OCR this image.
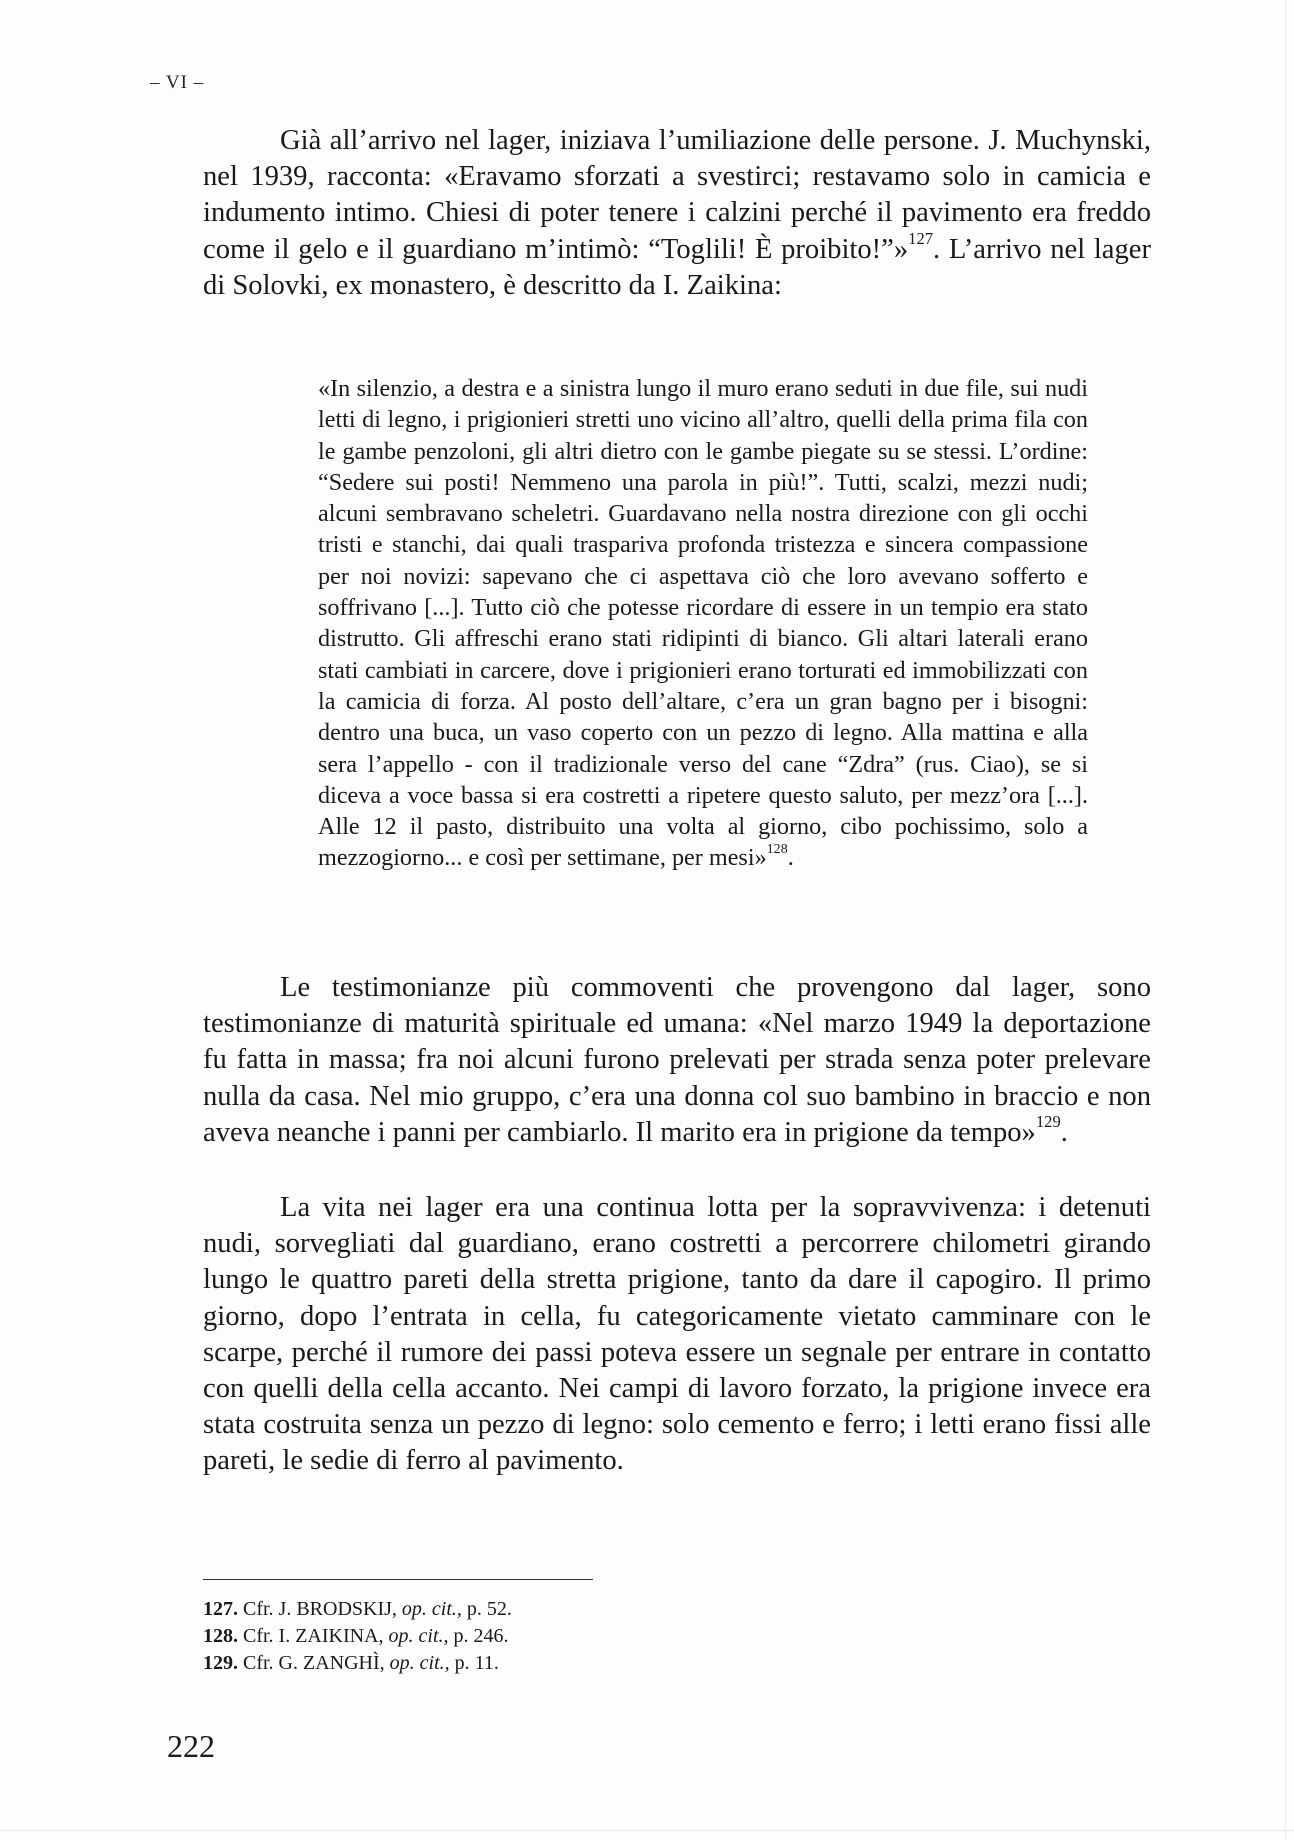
– VI –

Già all’arrivo nel lager, iniziava l’umiliazione delle persone. J. Muchynski, nel 1939, racconta: «Eravamo sforzati a svestirci; restavamo solo in camicia e indumento intimo. Chiesi di poter tenere i calzini perché il pavimento era freddo come il gelo e il guardiano m’intimò: “Toglili! È proibito!”»$^{127}$. L’arrivo nel lager di Solovki, ex monastero, è descritto da I. Zaikina:

«In silenzio, a destra e a sinistra lungo il muro erano seduti in due file, sui nudi letti di legno, i prigionieri stretti uno vicino all’altro, quelli della prima fila con le gambe penzoloni, gli altri dietro con le gambe piegate su se stessi. L’ordine: “Sedere sui posti! Nemmeno una parola in più!”. Tutti, scalzi, mezzi nudi; alcuni sembravano scheletri. Guardavano nella nostra direzione con gli occhi tristi e stanchi, dai quali traspariva profonda tristezza e sincera compassione per noi novizi: sapevano che ci aspettava ciò che loro avevano sofferto e soffrivano [...]. Tutto ciò che potesse ricordare di essere in un tempio era stato distrutto. Gli affreschi erano stati ridipinti di bianco. Gli altari laterali erano stati cambiati in carcere, dove i prigionieri erano torturati ed immobilizzati con la camicia di forza. Al posto dell’altare, c’era un gran bagno per i bisogni: dentro una buca, un vaso coperto con un pezzo di legno. Alla mattina e alla sera l’appello - con il tradizionale verso del cane “Zdra” (rus. Ciao), se si diceva a voce bassa si era costretti a ripetere questo saluto, per mezz’ora [...]. Alle 12 il pasto, distribuito una volta al giorno, cibo pochissimo, solo a mezzogiorno... e così per settimane, per mesi»$^{128}$.

Le testimonianze più commoventi che provengono dal lager, sono testimonianze di maturità spirituale ed umana: «Nel marzo 1949 la deportazione fu fatta in massa; fra noi alcuni furono prelevati per strada senza poter prelevare nulla da casa. Nel mio gruppo, c’era una donna col suo bambino in braccio e non aveva neanche i panni per cambiarlo. Il marito era in prigione da tempo»$^{129}$.

La vita nei lager era una continua lotta per la sopravvivenza: i detenuti nudi, sorvegliati dal guardiano, erano costretti a percorrere chilometri girando lungo le quattro pareti della stretta prigione, tanto da dare il capogiro. Il primo giorno, dopo l’entrata in cella, fu categoricamente vietato camminare con le scarpe, perché il rumore dei passi poteva essere un segnale per entrare in contatto con quelli della cella accanto. Nei campi di lavoro forzato, la prigione invece era stata costruita senza un pezzo di legno: solo cemento e ferro; i letti erano fissi alle pareti, le sedie di ferro al pavimento.

127. Cfr. J. BRODSKIJ, op. cit., p. 52.
128. Cfr. I. ZAIKINA, op. cit., p. 246.
129. Cfr. G. ZANGHÌ, op. cit., p. 11.
222
